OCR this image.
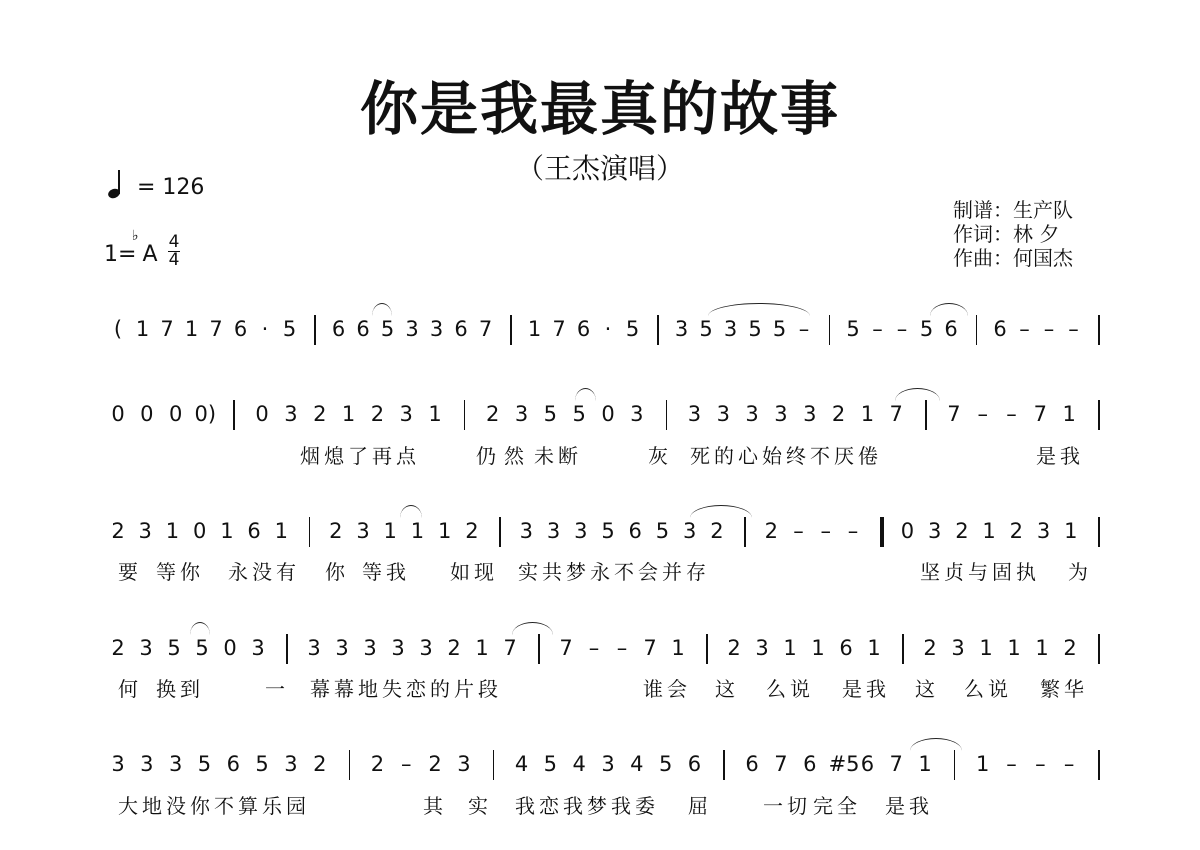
你是我最真的故事
（王杰演唱）
= 126
1=
♭
A 4
4
制谱：生产队
作词：林 夕
作曲：何国杰
( 1 7 1 7 6 · 5 6 6 5 3 3 6 7 1 7 6 · 5 3 5 3 5 5 – 5 – – 5 6 6 – – –
0 0 0 0) 0 3 2 1 2 3 1 2 3 5 5 0 3 3 3 3 3 3 2 1 7 7 – – 7 1
烟熄了再点	仍 然 未断	灰 死的心始终不厌倦	是我
2 3 1 0 1 6 1 2 3 1 1 1 2 3 3 3 5 6 5 3 2 2 – – – 0 3 2 1 2 3 1
要 等你 永没有 你 等我 如现 实共梦永不会并存	坚贞与固执 为
2 3 5 5 0 3 3 3 3 3 3 2 1 7 7 – – 7 1 2 3 1 1 6 1 2 3 1 1 1 2
何 换到	一 幕幕地失恋的片段	谁会 这 么说 是我 这 么说 繁华
3 3 3 5 6 5 3 2 2 – 2 3 4 5 4 3 4 5 6 6 7 6 #5 6 7 1 1 – – –
大地没你不算乐园	其 实 我恋我梦我委 屈	一切 完全 是我
